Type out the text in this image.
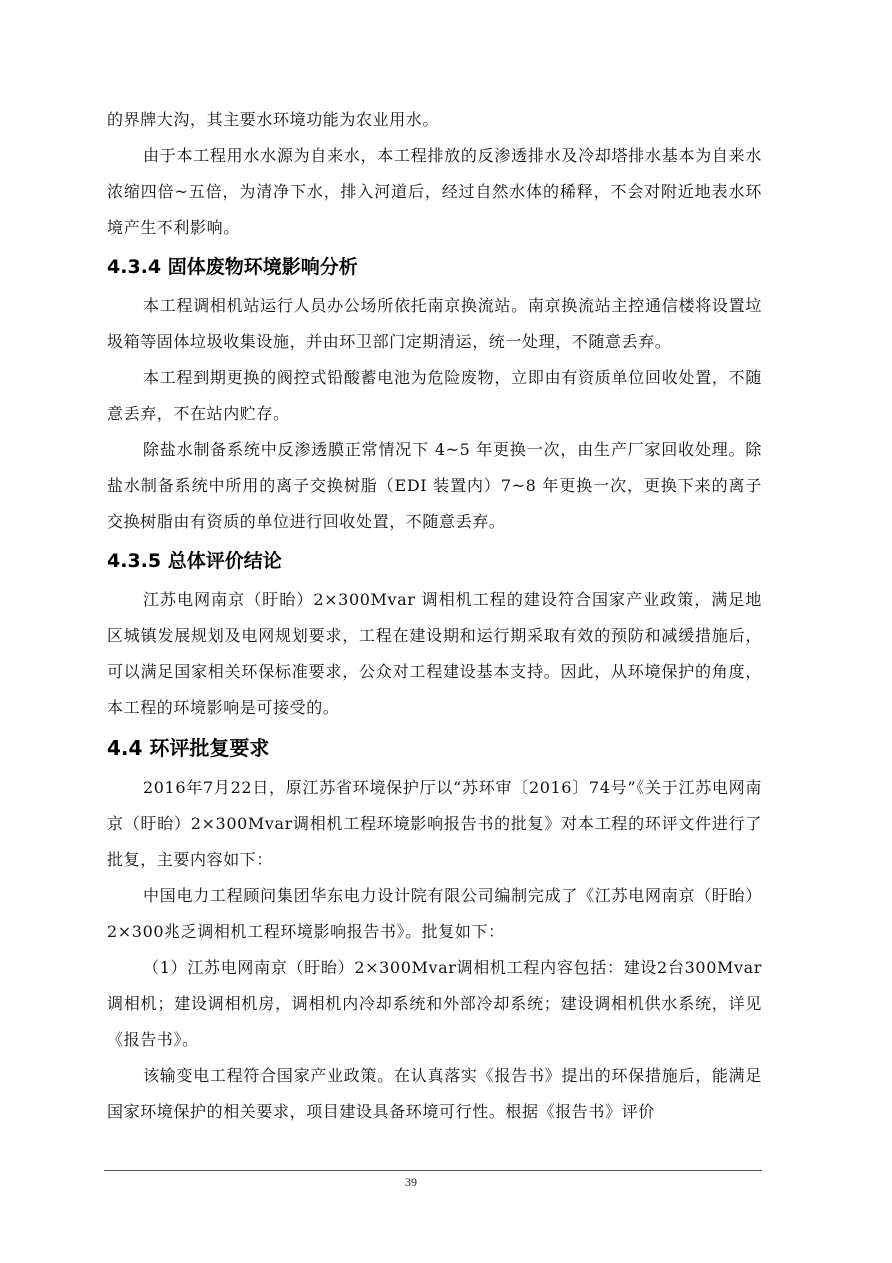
的界牌大沟，其主要水环境功能为农业用水。

由于本工程用水水源为自来水，本工程排放的反渗透排水及冷却塔排水基本为自来水浓缩四倍~五倍，为清净下水，排入河道后，经过自然水体的稀释，不会对附近地表水环境产生不利影响。

4.3.4 固体废物环境影响分析

本工程调相机站运行人员办公场所依托南京换流站。南京换流站主控通信楼将设置垃圾箱等固体垃圾收集设施，并由环卫部门定期清运，统一处理，不随意丢弃。

本工程到期更换的阀控式铅酸蓄电池为危险废物，立即由有资质单位回收处置，不随意丢弃，不在站内贮存。

除盐水制备系统中反渗透膜正常情况下 4~5 年更换一次，由生产厂家回收处理。除盐水制备系统中所用的离子交换树脂（EDI 装置内）7~8 年更换一次，更换下来的离子交换树脂由有资质的单位进行回收处置，不随意丢弃。

4.3.5 总体评价结论

江苏电网南京（盱眙）2×300Mvar 调相机工程的建设符合国家产业政策，满足地区城镇发展规划及电网规划要求，工程在建设期和运行期采取有效的预防和减缓措施后，可以满足国家相关环保标准要求，公众对工程建设基本支持。因此，从环境保护的角度，本工程的环境影响是可接受的。

4.4 环评批复要求

2016年7月22日，原江苏省环境保护厅以“苏环审〔2016〕74号”《关于江苏电网南京（盱眙）2×300Mvar调相机工程环境影响报告书的批复》对本工程的环评文件进行了批复，主要内容如下：

中国电力工程顾问集团华东电力设计院有限公司编制完成了《江苏电网南京（盱眙）2×300兆乏调相机工程环境影响报告书》。批复如下：

（1）江苏电网南京（盱眙）2×300Mvar调相机工程内容包括：建设2台300Mvar调相机；建设调相机房，调相机内冷却系统和外部冷却系统；建设调相机供水系统，详见《报告书》。

该输变电工程符合国家产业政策。在认真落实《报告书》提出的环保措施后，能满足国家环境保护的相关要求，项目建设具备环境可行性。根据《报告书》评价

39
